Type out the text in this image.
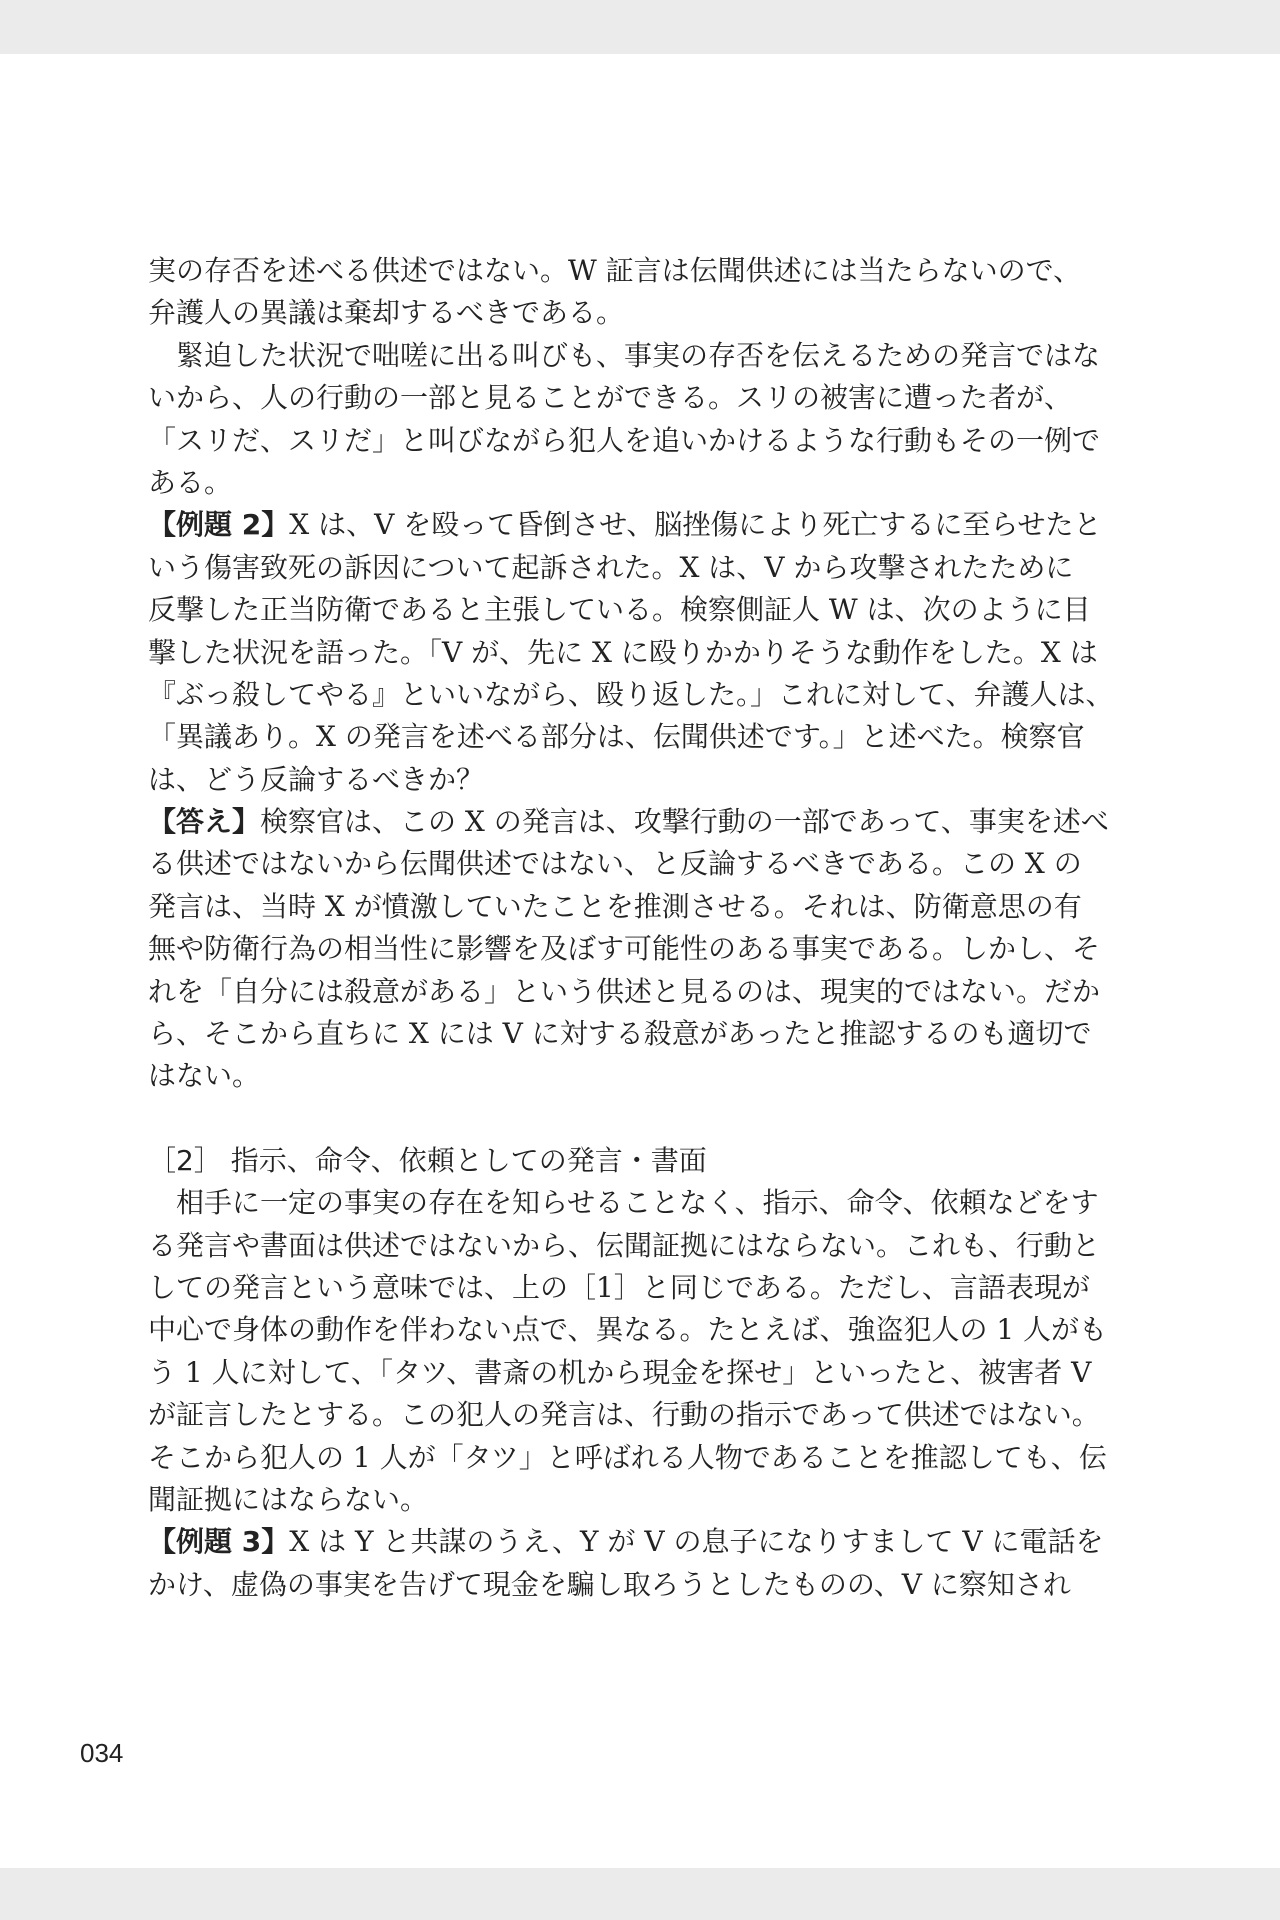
実の存否を述べる供述ではない。W 証言は伝聞供述には当たらないので、
弁護人の異議は棄却するべきである。
緊迫した状況で咄嗟に出る叫びも、事実の存否を伝えるための発言ではな
いから、人の行動の一部と見ることができる。スリの被害に遭った者が、
「スリだ、スリだ」と叫びながら犯人を追いかけるような行動もその一例で
ある。
【例題 2】X は、V を殴って昏倒させ、脳挫傷により死亡するに至らせたと
いう傷害致死の訴因について起訴された。X は、V から攻撃されたために
反撃した正当防衛であると主張している。検察側証人 W は、次のように目
撃した状況を語った。「V が、先に X に殴りかかりそうな動作をした。X は
『ぶっ殺してやる』といいながら、殴り返した。」これに対して、弁護人は、
「異議あり。X の発言を述べる部分は、伝聞供述です。」と述べた。検察官
は、どう反論するべきか？
【答え】検察官は、この X の発言は、攻撃行動の一部であって、事実を述べ
る供述ではないから伝聞供述ではない、と反論するべきである。この X の
発言は、当時 X が憤激していたことを推測させる。それは、防衛意思の有
無や防衛行為の相当性に影響を及ぼす可能性のある事実である。しかし、そ
れを「自分には殺意がある」という供述と見るのは、現実的ではない。だか
ら、そこから直ちに X には V に対する殺意があったと推認するのも適切で
はない。
［2］ 指示、命令、依頼としての発言・書面
相手に一定の事実の存在を知らせることなく、指示、命令、依頼などをす
る発言や書面は供述ではないから、伝聞証拠にはならない。これも、行動と
しての発言という意味では、上の［1］と同じである。ただし、言語表現が
中心で身体の動作を伴わない点で、異なる。たとえば、強盗犯人の 1 人がも
う 1 人に対して、「タツ、書斎の机から現金を探せ」といったと、被害者 V
が証言したとする。この犯人の発言は、行動の指示であって供述ではない。
そこから犯人の 1 人が「タツ」と呼ばれる人物であることを推認しても、伝
聞証拠にはならない。
【例題 3】X は Y と共謀のうえ、Y が V の息子になりすまして V に電話を
かけ、虚偽の事実を告げて現金を騙し取ろうとしたものの、V に察知され
034
